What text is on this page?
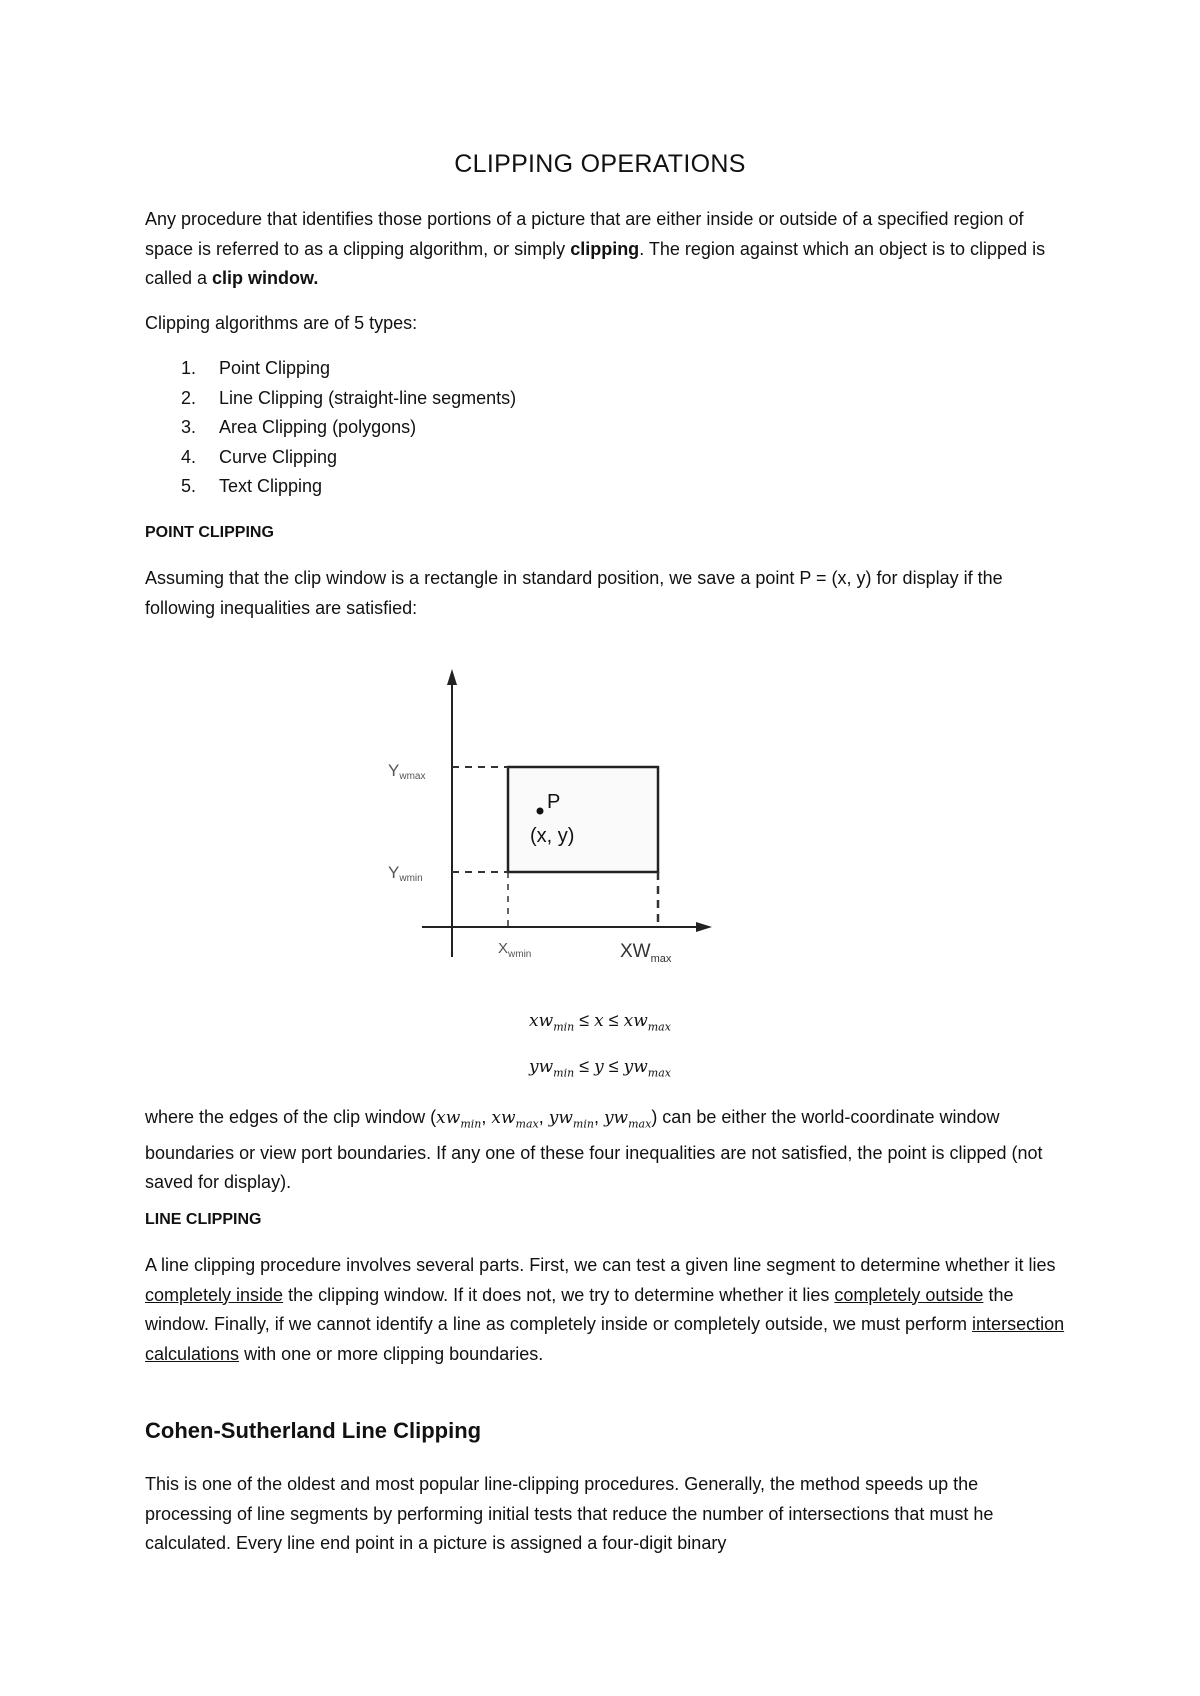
CLIPPING OPERATIONS

Any procedure that identifies those portions of a picture that are either inside or outside of a specified region of space is referred to as a clipping algorithm, or simply clipping. The region against which an object is to clipped is called a clip window.

Clipping algorithms are of 5 types:

1. Point Clipping
2. Line Clipping (straight-line segments)
3. Area Clipping (polygons)
4. Curve Clipping
5. Text Clipping

POINT CLIPPING

Assuming that the clip window is a rectangle in standard position, we save a point P = (x, y) for display if the following inequalities are satisfied:

Ywmax
Ywmin
$X_{wmin}$	$XW_{max}$
P
(x, y)
$xw_{min} \le x \le xw_{max}$
$yw_{min} \le y \le yw_{max}$

where the edges of the clip window ($xw_{min}$, $xw_{max}$, $yw_{min}$, $yw_{max}$) can be either the world-coordinate window boundaries or view port boundaries. If any one of these four inequalities are not satisfied, the point is clipped (not saved for display).

LINE CLIPPING

A line clipping procedure involves several parts. First, we can test a given line segment to determine whether it lies completely inside the clipping window. If it does not, we try to determine whether it lies completely outside the window. Finally, if we cannot identify a line as completely inside or completely outside, we must perform intersection calculations with one or more clipping boundaries.

Cohen-Sutherland Line Clipping

This is one of the oldest and most popular line-clipping procedures. Generally, the method speeds up the processing of line segments by performing initial tests that reduce the number of intersections that must he calculated. Every line end point in a picture is assigned a four-digit binary
